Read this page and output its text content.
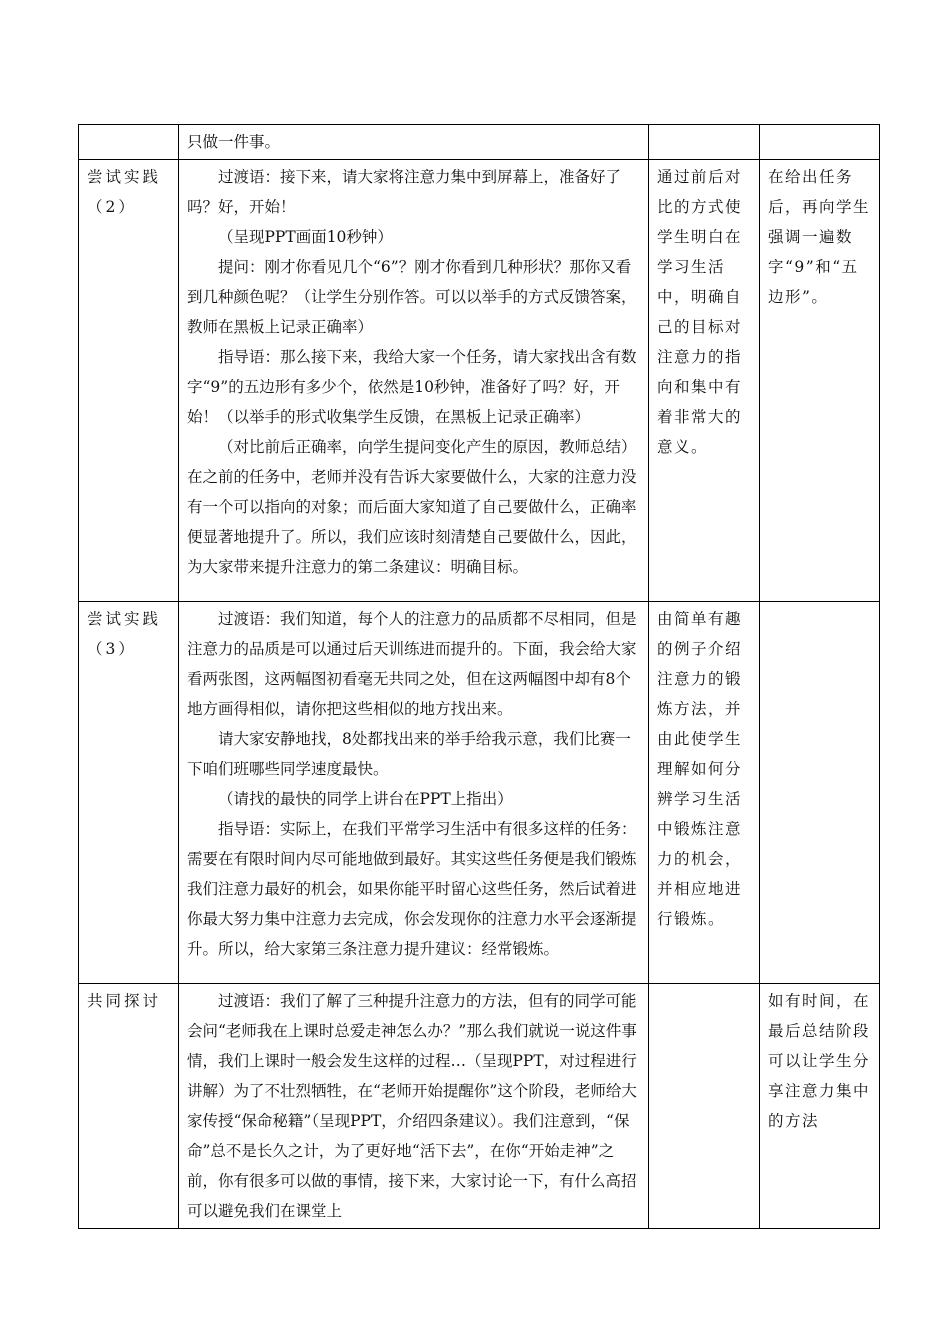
	只做一件事。		

尝试实践（2）	过渡语：接下来，请大家将注意力集中到屏幕上，准备好了吗？好，开始！

（呈现PPT画面10秒钟）

提问：刚才你看见几个“6”？刚才你看到几种形状？那你又看到几种颜色呢？（让学生分别作答。可以以举手的方式反馈答案，教师在黑板上记录正确率）

指导语：那么接下来，我给大家一个任务，请大家找出含有数字“9”的五边形有多少个，依然是10秒钟，准备好了吗？好，开始！（以举手的形式收集学生反馈，在黑板上记录正确率）

（对比前后正确率，向学生提问变化产生的原因，教师总结）在之前的任务中，老师并没有告诉大家要做什么，大家的注意力没有一个可以指向的对象；而后面大家知道了自己要做什么，正确率便显著地提升了。所以，我们应该时刻清楚自己要做什么，因此，为大家带来提升注意力的第二条建议：明确目标。	通过前后对比的方式使学生明白在学习生活中，明确自己的目标对注意力的指向和集中有着非常大的意义。	在给出任务后，再向学生强调一遍数字“9”和“五边形”。
尝试实践（3）	过渡语：我们知道，每个人的注意力的品质都不尽相同，但是注意力的品质是可以通过后天训练进而提升的。下面，我会给大家看两张图，这两幅图初看毫无共同之处，但在这两幅图中却有8个地方画得相似，请你把这些相似的地方找出来。

请大家安静地找，8处都找出来的举手给我示意，我们比赛一下咱们班哪些同学速度最快。

（请找的最快的同学上讲台在PPT上指出）

指导语：实际上，在我们平常学习生活中有很多这样的任务：需要在有限时间内尽可能地做到最好。其实这些任务便是我们锻炼我们注意力最好的机会，如果你能平时留心这些任务，然后试着进你最大努力集中注意力去完成，你会发现你的注意力水平会逐渐提升。所以，给大家第三条注意力提升建议：经常锻炼。	由简单有趣的例子介绍注意力的锻炼方法，并由此使学生理解如何分辨学习生活中锻炼注意力的机会，并相应地进行锻炼。	
共同探讨	过渡语：我们了解了三种提升注意力的方法，但有的同学可能会问“老师我在上课时总爱走神怎么办？”那么我们就说一说这件事情，我们上课时一般会发生这样的过程…（呈现PPT，对过程进行讲解）为了不壮烈牺牲，在“老师开始提醒你”这个阶段，老师给大家传授“保命秘籍”（呈现PPT，介绍四条建议）。我们注意到，“保命”总不是长久之计，为了更好地“活下去”，在你“开始走神”之前，你有很多可以做的事情，接下来，大家讨论一下，有什么高招可以避免我们在课堂上		如有时间，在最后总结阶段可以让学生分享注意力集中的方法
